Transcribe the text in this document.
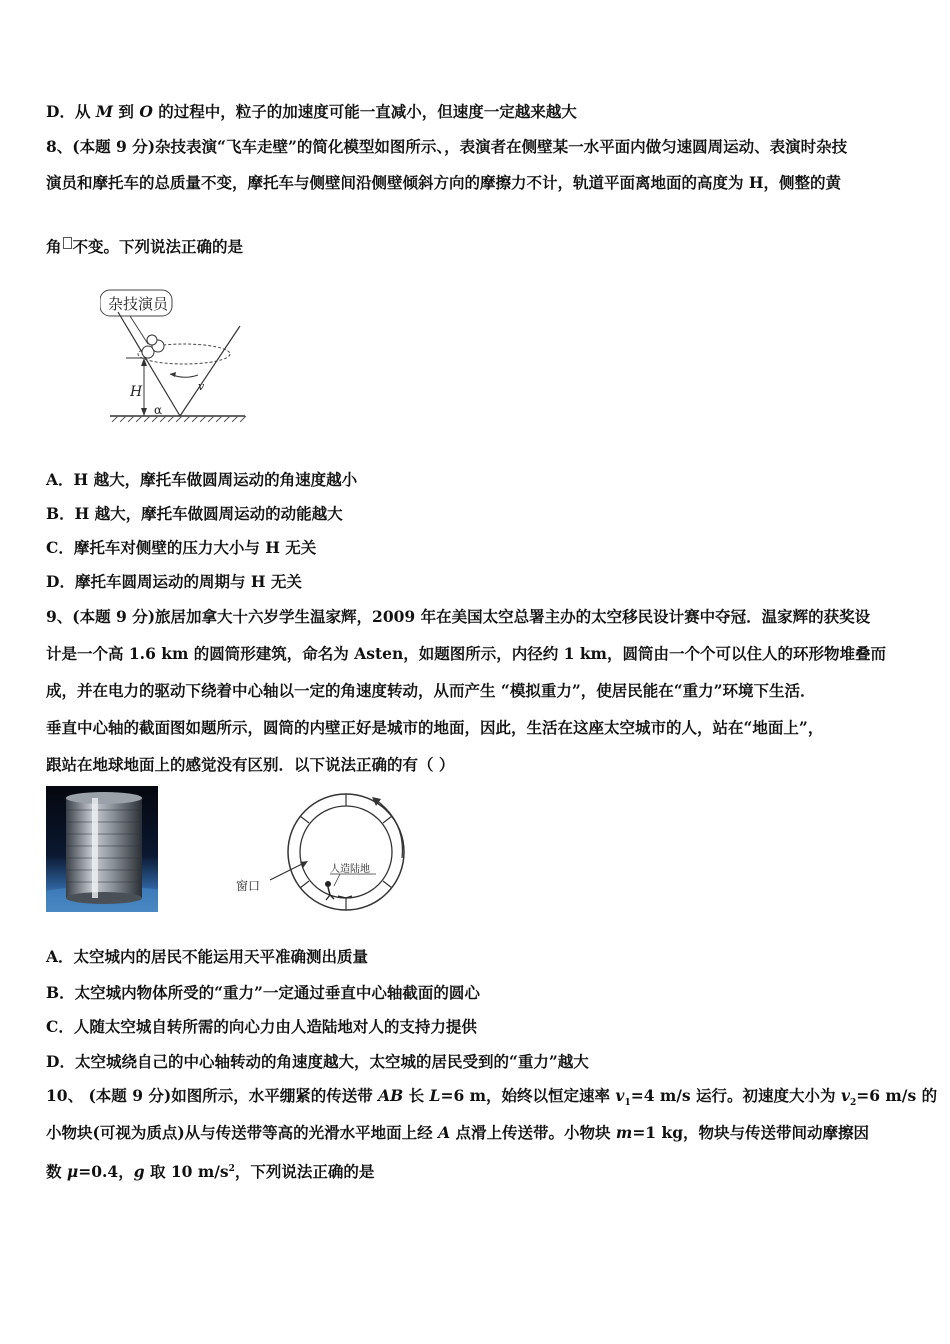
D．从 M 到 O 的过程中，粒子的加速度可能一直减小，但速度一定越来越大
8、(本题 9 分)杂技表演“飞车走壁”的简化模型如图所示、，表演者在侧壁某一水平面内做匀速圆周运动、表演时杂技
演员和摩托车的总质量不变，摩托车与侧壁间沿侧壁倾斜方向的摩擦力不计，轨道平面离地面的高度为 H，侧整的黄
角 不变。下列说法正确的是
杂技演员
v
H
α
A．H 越大，摩托车做圆周运动的角速度越小
B．H 越大，摩托车做圆周运动的动能越大
C．摩托车对侧壁的压力大小与 H 无关
D．摩托车圆周运动的周期与 H 无关
9、(本题 9 分)旅居加拿大十六岁学生温家辉，2009 年在美国太空总署主办的太空移民设计赛中夺冠．温家辉的获奖设
计是一个高 1.6 km 的圆筒形建筑，命名为 Asten，如题图所示，内径约 1 km，圆筒由一个个可以住人的环形物堆叠而
成，并在电力的驱动下绕着中心轴以一定的角速度转动，从而产生 “模拟重力”，使居民能在“重力”环境下生活．
垂直中心轴的截面图如题所示，圆筒的内壁正好是城市的地面，因此，生活在这座太空城市的人，站在“地面上”，
跟站在地球地面上的感觉没有区别．以下说法正确的有（ ）
窗口
人造陆地
A．太空城内的居民不能运用天平准确测出质量
B．太空城内物体所受的“重力”一定通过垂直中心轴截面的圆心
C．人随太空城自转所需的向心力由人造陆地对人的支持力提供
D．太空城绕自己的中心轴转动的角速度越大，太空城的居民受到的“重力”越大
10、 (本题 9 分)如图所示，水平绷紧的传送带 AB 长 L=6 m，始终以恒定速率 $v_1=4$ m/s 运行。初速度大小为 $v_2=6$ m/s 的
小物块(可视为质点)从与传送带等高的光滑水平地面上经 A 点滑上传送带。小物块 m=1 kg，物块与传送带间动摩擦因
数 μ=0.4，g 取 10 $m/s^2$，下列说法正确的是
